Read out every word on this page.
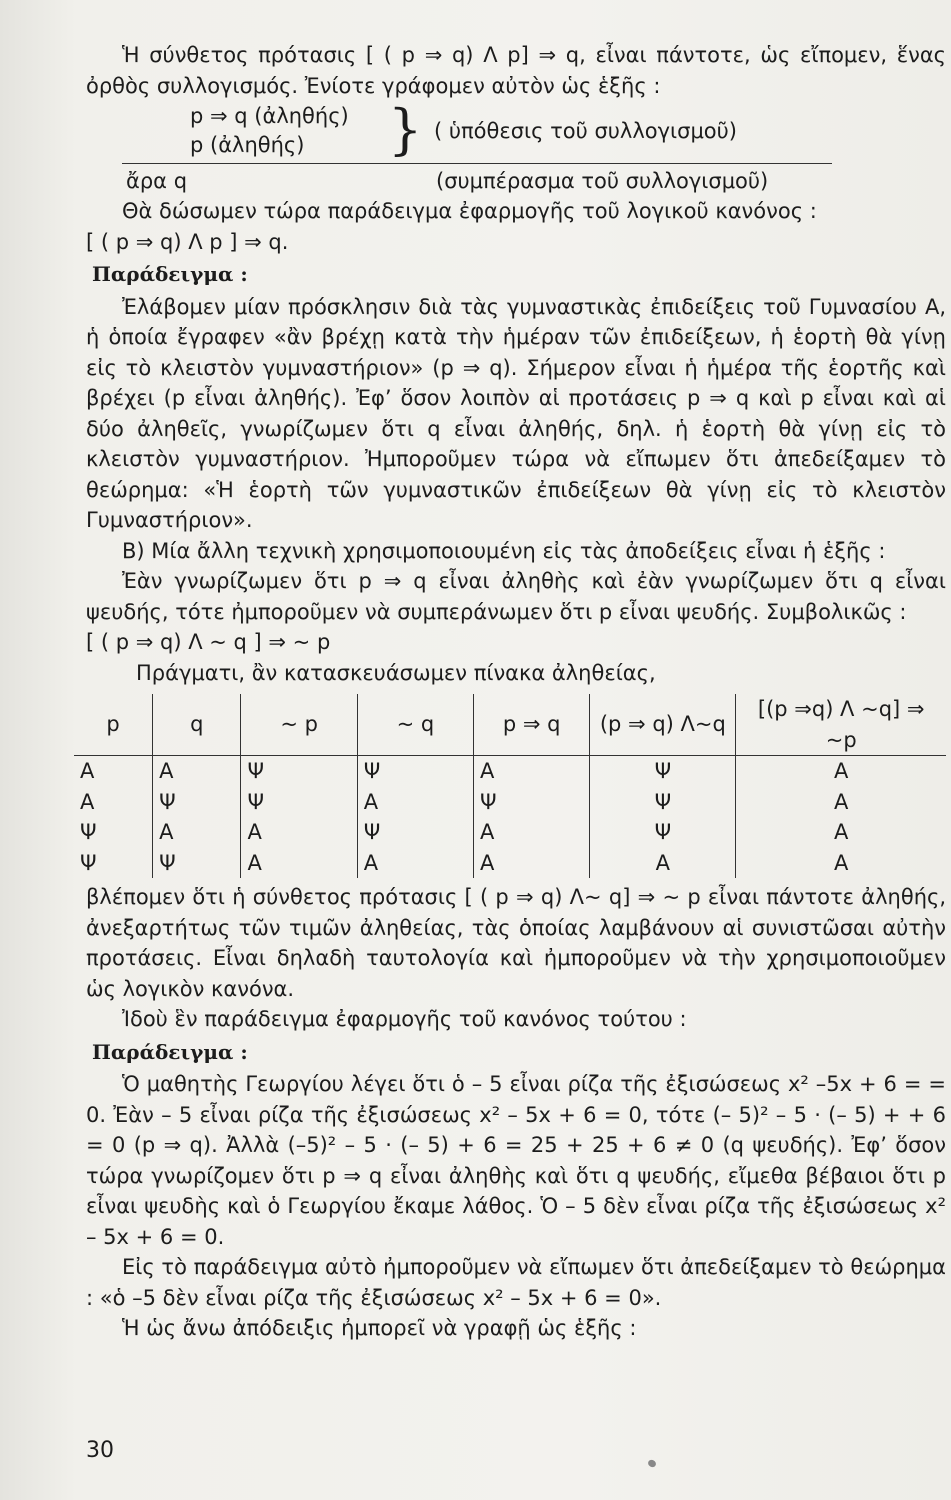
Ἡ σύνθετος πρότασις [ ( p ⇒ q) Λ p] ⇒ q, εἶναι πάντοτε, ὡς εἴπομεν, ἕνας ὀρθὸς συλλογισμός. Ἐνίοτε γράφομεν αὐτὸν ὡς ἑξῆς :

p ⇒ q (ἀληθής)
p (ἀληθής) } ( ὑπόθεσις τοῦ συλλογισμοῦ)
ἄρα q	(συμπέρασμα τοῦ συλλογισμοῦ)

Θὰ δώσωμεν τώρα παράδειγμα ἐφαρμογῆς τοῦ λογικοῦ κανόνος :

[ ( p ⇒ q) Λ p ] ⇒ q.

Παράδειγμα :

Ἐλάβομεν μίαν πρόσκλησιν διὰ τὰς γυμναστικὰς ἐπιδείξεις τοῦ Γυμνασίου Α, ἡ ὁποία ἔγραφεν «ἂν βρέχῃ κατὰ τὴν ἡμέραν τῶν ἐπιδείξεων, ἡ ἑορτὴ θὰ γίνῃ εἰς τὸ κλειστὸν γυμναστήριον» (p ⇒ q). Σήμερον εἶναι ἡ ἡμέρα τῆς ἑορτῆς καὶ βρέχει (p εἶναι ἀληθής). Ἐφ’ ὅσον λοιπὸν αἱ προτάσεις p ⇒ q καὶ p εἶναι καὶ αἱ δύο ἀληθεῖς, γνωρίζωμεν ὅτι q εἶναι ἀληθής, δηλ. ἡ ἑορτὴ θὰ γίνῃ εἰς τὸ κλειστὸν γυμναστήριον. Ἠμποροῦμεν τώρα νὰ εἴπωμεν ὅτι ἀπεδείξαμεν τὸ θεώρημα: «Ἡ ἑορτὴ τῶν γυμναστικῶν ἐπιδείξεων θὰ γίνῃ εἰς τὸ κλειστὸν Γυμναστήριον».

Β) Μία ἄλλη τεχνικὴ χρησιμοποιουμένη εἰς τὰς ἀποδείξεις εἶναι ἡ ἑξῆς :

Ἐὰν γνωρίζωμεν ὅτι p ⇒ q εἶναι ἀληθὴς καὶ ἐὰν γνωρίζωμεν ὅτι q εἶναι ψευδής, τότε ἠμποροῦμεν νὰ συμπεράνωμεν ὅτι p εἶναι ψευδής. Συμβολικῶς :

[ ( p ⇒ q) Λ ~ q ] ⇒ ~ p

Πράγματι, ἂν κατασκευάσωμεν πίνακα ἀληθείας,

p	q	~ p	~ q	p ⇒ q	(p ⇒ q) Λ~q	[(p ⇒q) Λ ~q] ⇒ ~p
Α	Α	Ψ	Ψ	Α	Ψ	Α
Α	Ψ	Ψ	Α	Ψ	Ψ	Α
Ψ	Α	Α	Ψ	Α	Ψ	Α
Ψ	Ψ	Α	Α	Α	Α	Α

βλέπομεν ὅτι ἡ σύνθετος πρότασις [ ( p ⇒ q) Λ~ q] ⇒ ~ p εἶναι πάντοτε ἀληθής, ἀνεξαρτήτως τῶν τιμῶν ἀληθείας, τὰς ὁποίας λαμβάνουν αἱ συνιστῶσαι αὐτὴν προτάσεις. Εἶναι δηλαδὴ ταυτολογία καὶ ἠμποροῦμεν νὰ τὴν χρησιμοποιοῦμεν ὡς λογικὸν κανόνα.

Ἰδοὺ ἓν παράδειγμα ἐφαρμογῆς τοῦ κανόνος τούτου :

Παράδειγμα :

Ὁ μαθητὴς Γεωργίου λέγει ὅτι ὁ – 5 εἶναι ρίζα τῆς ἐξισώσεως x² –5x + 6 = = 0. Ἐὰν – 5 εἶναι ρίζα τῆς ἐξισώσεως x² – 5x + 6 = 0, τότε (– 5)² – 5 · (– 5) + + 6 = 0 (p ⇒ q). Ἀλλὰ (–5)² – 5 · (– 5) + 6 = 25 + 25 + 6 ≠ 0 (q ψευδής). Ἐφ’ ὅσον τώρα γνωρίζομεν ὅτι p ⇒ q εἶναι ἀληθὴς καὶ ὅτι q ψευδής, εἴμεθα βέβαιοι ὅτι p εἶναι ψευδὴς καὶ ὁ Γεωργίου ἔκαμε λάθος. Ὁ – 5 δὲν εἶναι ρίζα τῆς ἐξισώσεως x² – 5x + 6 = 0.

Εἰς τὸ παράδειγμα αὐτὸ ἠμποροῦμεν νὰ εἴπωμεν ὅτι ἀπεδείξαμεν τὸ θεώρημα : «ὁ –5 δὲν εἶναι ρίζα τῆς ἐξισώσεως x² – 5x + 6 = 0».

Ἡ ὡς ἄνω ἀπόδειξις ἠμπορεῖ νὰ γραφῇ ὡς ἑξῆς :

30
